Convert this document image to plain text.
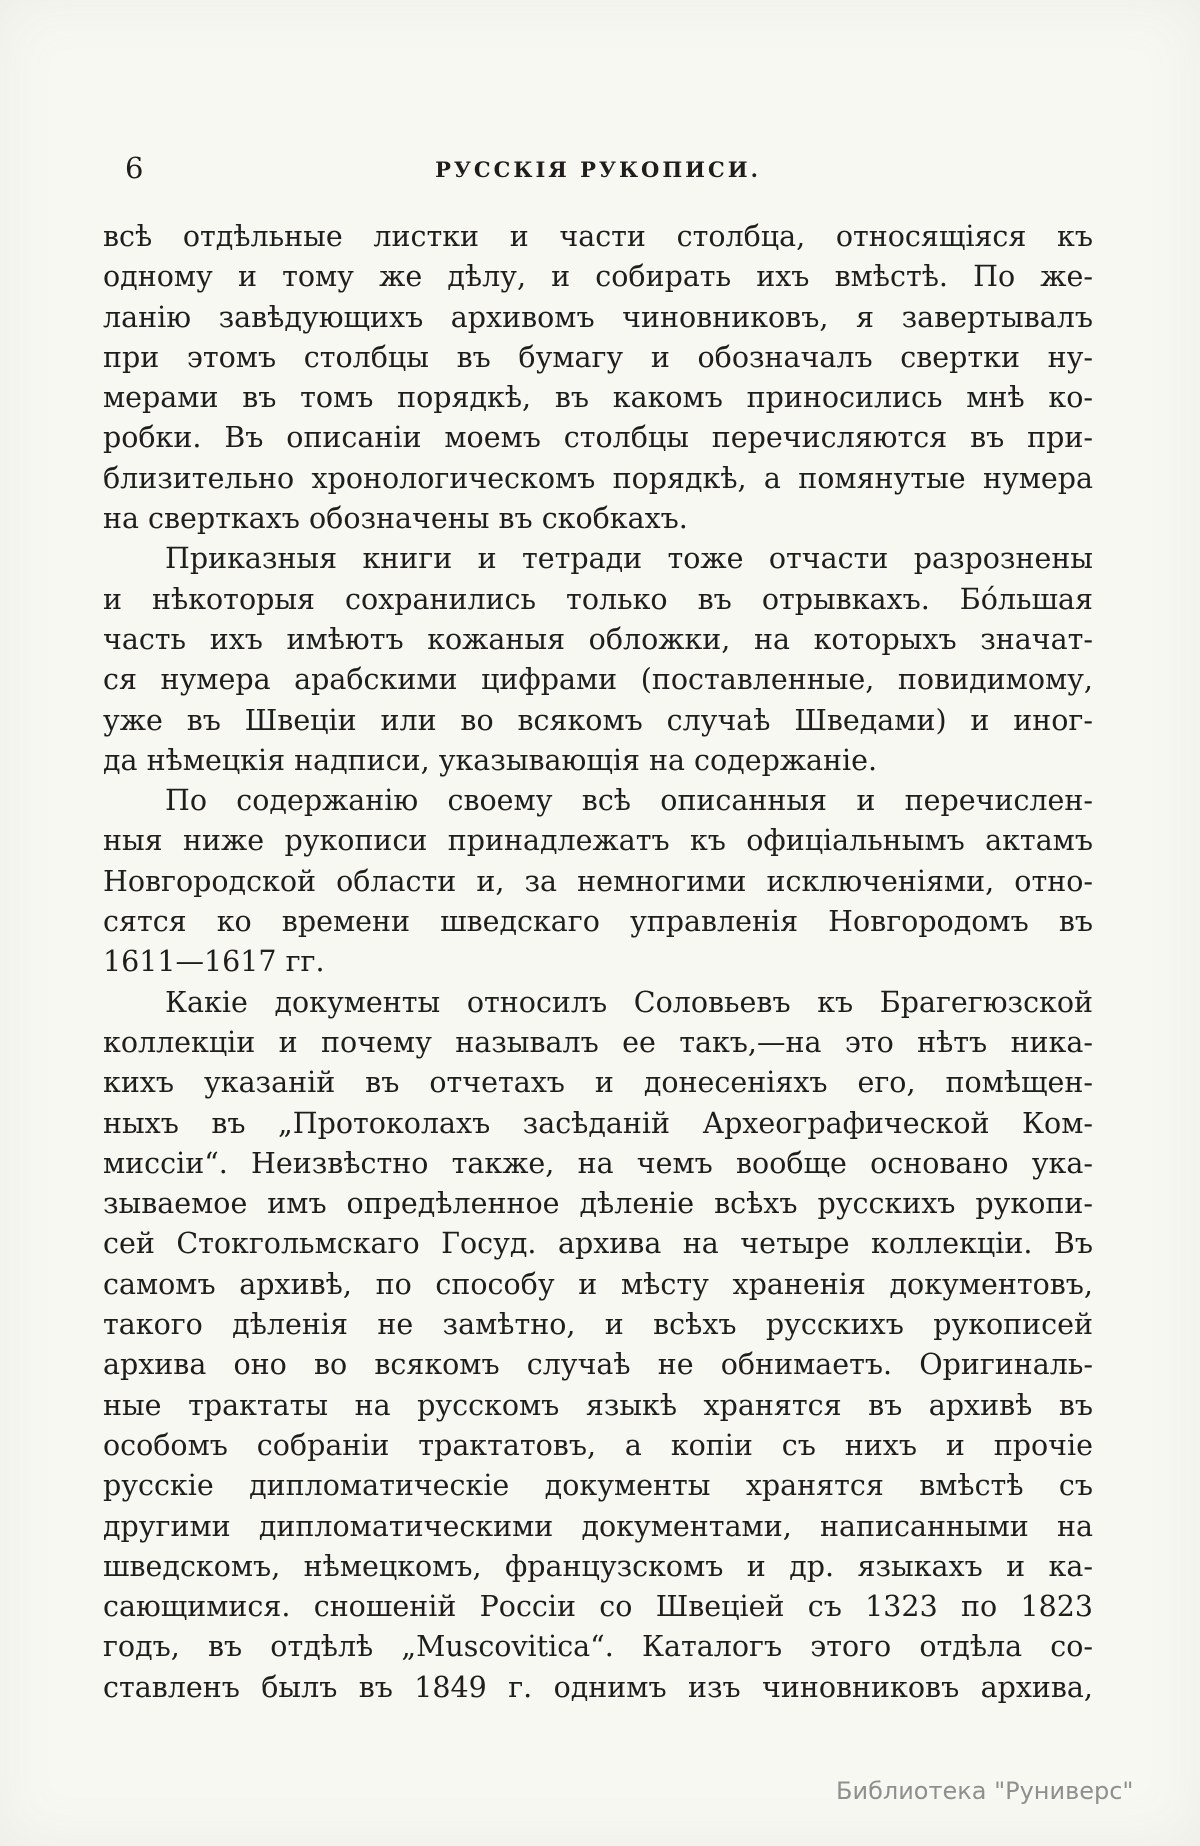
6	РУССКІЯ РУКОПИСИ.
всѣ отдѣльные листки и части столбца, относящіяся къ
одному и тому же дѣлу, и собирать ихъ вмѣстѣ. По же-
ланію завѣдующихъ архивомъ чиновниковъ, я завертывалъ
при этомъ столбцы въ бумагу и обозначалъ свертки ну-
мерами въ томъ порядкѣ, въ какомъ приносились мнѣ ко-
робки. Въ описаніи моемъ столбцы перечисляются въ при-
близительно хронологическомъ порядкѣ, а помянутые нумера
на сверткахъ обозначены въ скобкахъ.
Приказныя книги и тетради тоже отчасти разрознены
и нѣкоторыя сохранились только въ отрывкахъ. Бо́льшая
часть ихъ имѣютъ кожаныя обложки, на которыхъ значат-
ся нумера арабскими цифрами (поставленные, повидимому,
уже въ Швеціи или во всякомъ случаѣ Шведами) и иног-
да нѣмецкія надписи, указывающія на содержаніе.
По содержанію своему всѣ описанныя и перечислен-
ныя ниже рукописи принадлежатъ къ офиціальнымъ актамъ
Новгородской области и, за немногими исключеніями, отно-
сятся ко времени шведскаго управленія Новгородомъ въ
1611—1617 гг.
Какіе документы относилъ Соловьевъ къ Брагегюзской
коллекціи и почему называлъ ее такъ,—на это нѣтъ ника-
кихъ указаній въ отчетахъ и донесеніяхъ его, помѣщен-
ныхъ въ „Протоколахъ засѣданій Археографической Ком-
миссіи“. Неизвѣстно также, на чемъ вообще основано ука-
зываемое имъ опредѣленное дѣленіе всѣхъ русскихъ рукопи-
сей Стокгольмскаго Госуд. архива на четыре коллекціи. Въ
самомъ архивѣ, по способу и мѣсту храненія документовъ,
такого дѣленія не замѣтно, и всѣхъ русскихъ рукописей
архива оно во всякомъ случаѣ не обнимаетъ. Оригиналь-
ные трактаты на русскомъ языкѣ хранятся въ архивѣ въ
особомъ собраніи трактатовъ, а копіи съ нихъ и прочіе
русскіе дипломатическіе документы хранятся вмѣстѣ съ
другими дипломатическими документами, написанными на
шведскомъ, нѣмецкомъ, французскомъ и др. языкахъ и ка-
сающимися. сношеній Россіи со Швеціей съ 1323 по 1823
годъ, въ отдѣлѣ „Muscovitica“. Каталогъ этого отдѣла со-
ставленъ былъ въ 1849 г. однимъ изъ чиновниковъ архива,
Библиотека "Руниверс"
